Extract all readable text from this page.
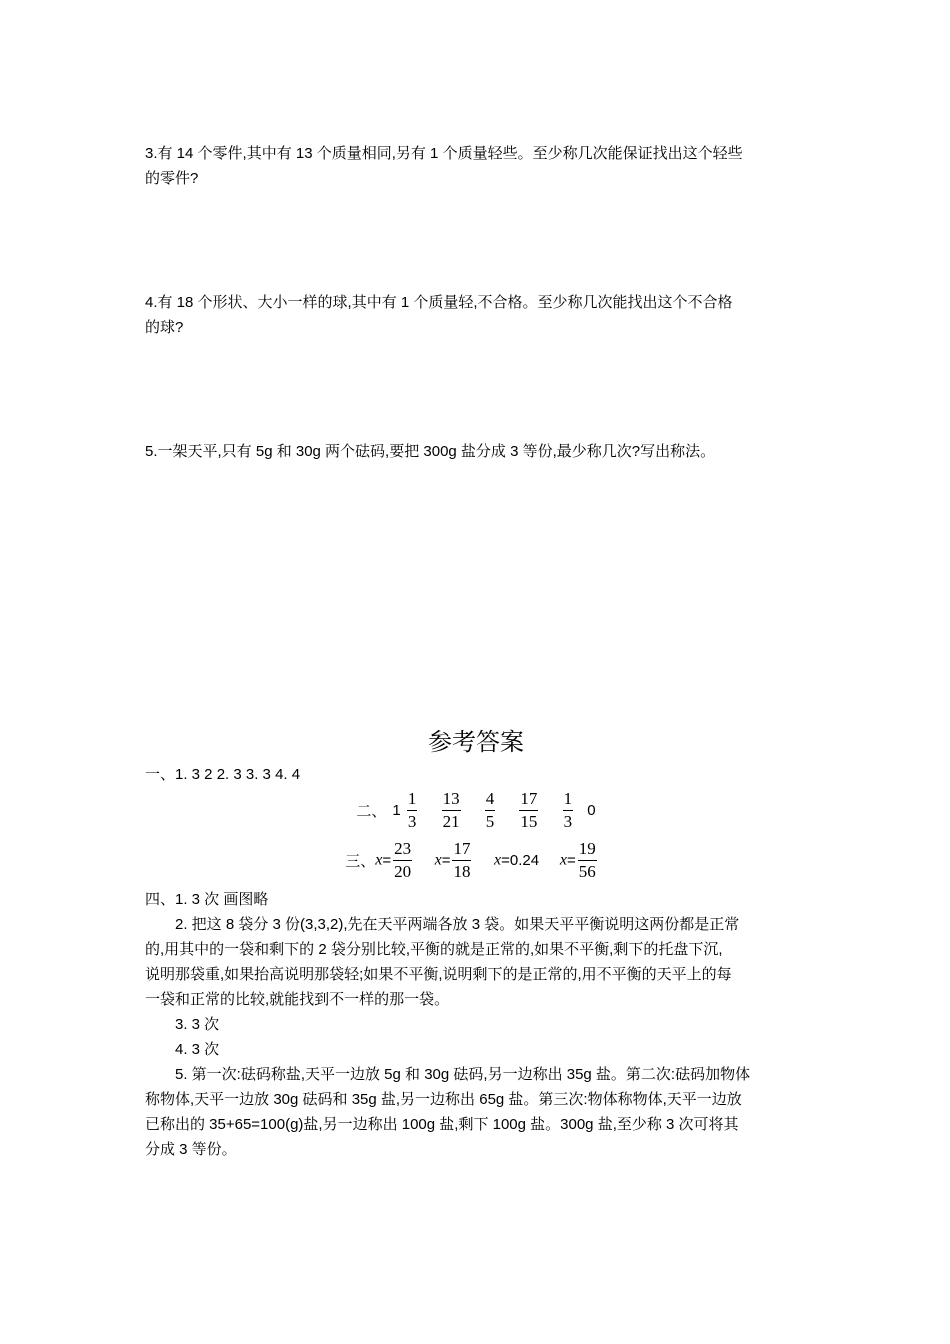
3.有 14 个零件,其中有 13 个质量相同,另有 1 个质量轻些。至少称几次能保证找出这个轻些
的零件?
4.有 18 个形状、大小一样的球,其中有 1 个质量轻,不合格。至少称几次能找出这个不合格
的球?
5.一架天平,只有 5g 和 30g 两个砝码,要把 300g 盐分成 3 等份,最少称几次?写出称法。
参考答案
一、1. 3 2 2. 3 3. 3 4. 4
二、 $1 \frac{1}{3}$
$\frac{13}{21}$
$\frac{4}{5}$
$\frac{17}{15}$
$\frac{1}{3} 0$
三、$x= \frac{23}{20} x= \frac{17}{18} x=0.24$ $x= \frac{19}{56}$
四、1. 3 次 画图略
2. 把这 8 袋分 3 份(3,3,2),先在天平两端各放 3 袋。如果天平平衡说明这两份都是正常
的,用其中的一袋和剩下的 2 袋分别比较,平衡的就是正常的,如果不平衡,剩下的托盘下沉,
说明那袋重,如果抬高说明那袋轻;如果不平衡,说明剩下的是正常的,用不平衡的天平上的每
一袋和正常的比较,就能找到不一样的那一袋。
3. 3 次
4. 3 次
5. 第一次:砝码称盐,天平一边放 5g 和 30g 砝码,另一边称出 35g 盐。第二次:砝码加物体
称物体,天平一边放 30g 砝码和 35g 盐,另一边称出 65g 盐。第三次:物体称物体,天平一边放
已称出的 35+65=100(g)盐,另一边称出 100g 盐,剩下 100g 盐。300g 盐,至少称 3 次可将其
分成 3 等份。
